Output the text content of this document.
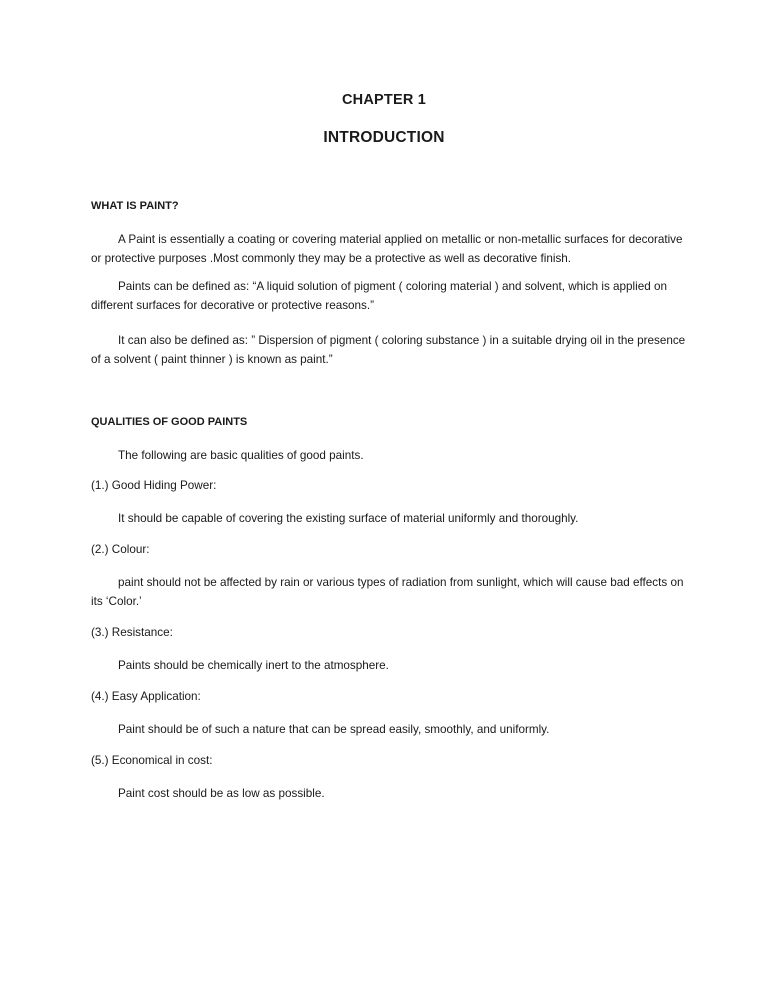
CHAPTER 1
INTRODUCTION
WHAT IS PAINT?

A Paint is essentially a coating or covering material applied on metallic or non-metallic surfaces for decorative or protective purposes .Most commonly they may be a protective as well as decorative finish.

Paints can be defined as: “A liquid solution of pigment ( coloring material ) and solvent, which is applied on different surfaces for decorative or protective reasons.”

It can also be defined as: ” Dispersion of pigment ( coloring substance ) in a suitable drying oil in the presence of a solvent ( paint thinner ) is known as paint.”

QUALITIES OF GOOD PAINTS

The following are basic qualities of good paints.

(1.) Good Hiding Power:

It should be capable of covering the existing surface of material uniformly and thoroughly.

(2.) Colour:

paint should not be affected by rain or various types of radiation from sunlight, which will cause bad effects on its ‘Color.’

(3.) Resistance:

Paints should be chemically inert to the atmosphere.

(4.) Easy Application:

Paint should be of such a nature that can be spread easily, smoothly, and uniformly.

(5.) Economical in cost:

Paint cost should be as low as possible.
